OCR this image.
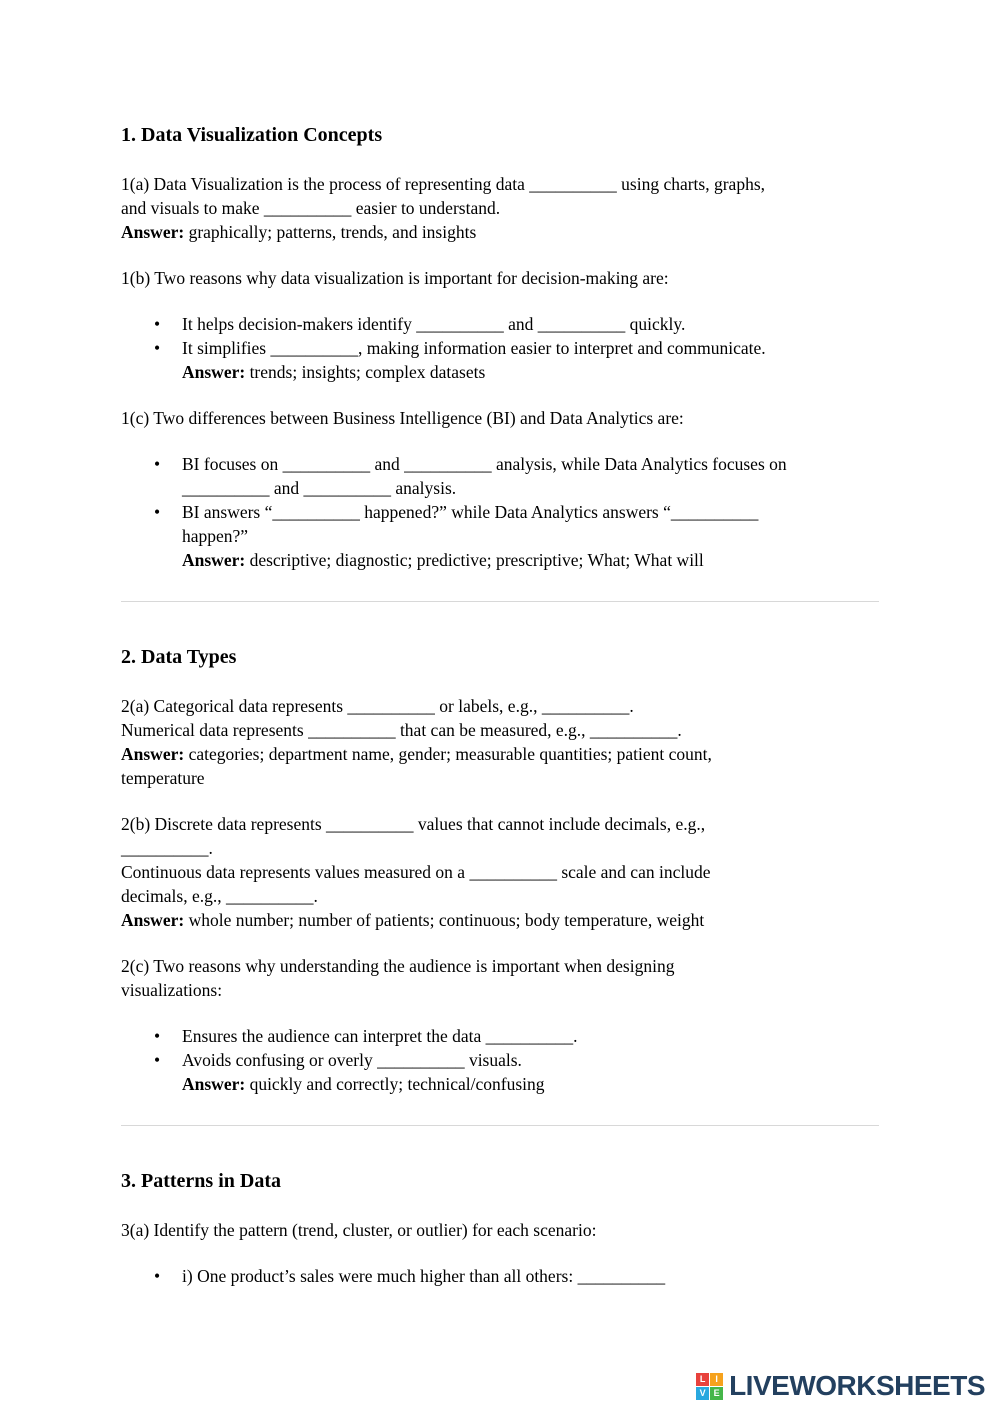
1. Data Visualization Concepts
1(a) Data Visualization is the process of representing data __________ using charts, graphs,
and visuals to make __________ easier to understand.
Answer: graphically; patterns, trends, and insights
1(b) Two reasons why data visualization is important for decision-making are:
• It helps decision-makers identify __________ and __________ quickly.
• It simplifies __________, making information easier to interpret and communicate.
Answer: trends; insights; complex datasets
1(c) Two differences between Business Intelligence (BI) and Data Analytics are:
• BI focuses on __________ and __________ analysis, while Data Analytics focuses on
__________ and __________ analysis.
• BI answers “__________ happened?” while Data Analytics answers “__________
happen?”
Answer: descriptive; diagnostic; predictive; prescriptive; What; What will
2. Data Types
2(a) Categorical data represents __________ or labels, e.g., __________.
Numerical data represents __________ that can be measured, e.g., __________.
Answer: categories; department name, gender; measurable quantities; patient count,
temperature
2(b) Discrete data represents __________ values that cannot include decimals, e.g.,
__________.
Continuous data represents values measured on a __________ scale and can include
decimals, e.g., __________.
Answer: whole number; number of patients; continuous; body temperature, weight
2(c) Two reasons why understanding the audience is important when designing
visualizations:
• Ensures the audience can interpret the data __________.
• Avoids confusing or overly __________ visuals.
Answer: quickly and correctly; technical/confusing
3. Patterns in Data
3(a) Identify the pattern (trend, cluster, or outlier) for each scenario:
• i) One product’s sales were much higher than all others: __________
L	I
V E LIVEWORKSHEETS
